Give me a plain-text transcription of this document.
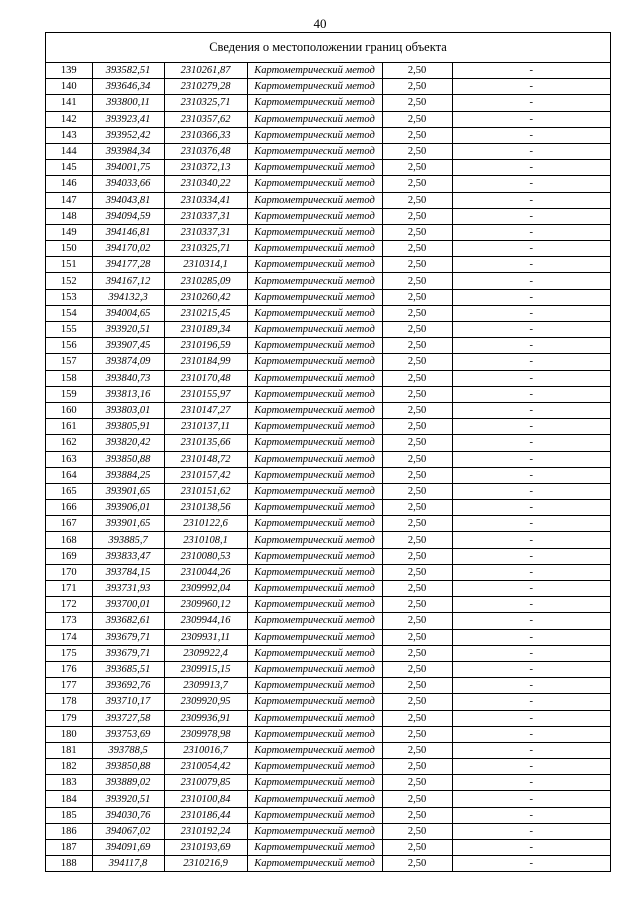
40
Сведения о местоположении границ объекта
139	393582,51	2310261,87	Картометрический метод	2,50	-
140	393646,34	2310279,28	Картометрический метод	2,50	-
141	393800,11	2310325,71	Картометрический метод	2,50	-
142	393923,41	2310357,62	Картометрический метод	2,50	-
143	393952,42	2310366,33	Картометрический метод	2,50	-
144	393984,34	2310376,48	Картометрический метод	2,50	-
145	394001,75	2310372,13	Картометрический метод	2,50	-
146	394033,66	2310340,22	Картометрический метод	2,50	-
147	394043,81	2310334,41	Картометрический метод	2,50	-
148	394094,59	2310337,31	Картометрический метод	2,50	-
149	394146,81	2310337,31	Картометрический метод	2,50	-
150	394170,02	2310325,71	Картометрический метод	2,50	-
151	394177,28	2310314,1	Картометрический метод	2,50	-
152	394167,12	2310285,09	Картометрический метод	2,50	-
153	394132,3	2310260,42	Картометрический метод	2,50	-
154	394004,65	2310215,45	Картометрический метод	2,50	-
155	393920,51	2310189,34	Картометрический метод	2,50	-
156	393907,45	2310196,59	Картометрический метод	2,50	-
157	393874,09	2310184,99	Картометрический метод	2,50	-
158	393840,73	2310170,48	Картометрический метод	2,50	-
159	393813,16	2310155,97	Картометрический метод	2,50	-
160	393803,01	2310147,27	Картометрический метод	2,50	-
161	393805,91	2310137,11	Картометрический метод	2,50	-
162	393820,42	2310135,66	Картометрический метод	2,50	-
163	393850,88	2310148,72	Картометрический метод	2,50	-
164	393884,25	2310157,42	Картометрический метод	2,50	-
165	393901,65	2310151,62	Картометрический метод	2,50	-
166	393906,01	2310138,56	Картометрический метод	2,50	-
167	393901,65	2310122,6	Картометрический метод	2,50	-
168	393885,7	2310108,1	Картометрический метод	2,50	-
169	393833,47	2310080,53	Картометрический метод	2,50	-
170	393784,15	2310044,26	Картометрический метод	2,50	-
171	393731,93	2309992,04	Картометрический метод	2,50	-
172	393700,01	2309960,12	Картометрический метод	2,50	-
173	393682,61	2309944,16	Картометрический метод	2,50	-
174	393679,71	2309931,11	Картометрический метод	2,50	-
175	393679,71	2309922,4	Картометрический метод	2,50	-
176	393685,51	2309915,15	Картометрический метод	2,50	-
177	393692,76	2309913,7	Картометрический метод	2,50	-
178	393710,17	2309920,95	Картометрический метод	2,50	-
179	393727,58	2309936,91	Картометрический метод	2,50	-
180	393753,69	2309978,98	Картометрический метод	2,50	-
181	393788,5	2310016,7	Картометрический метод	2,50	-
182	393850,88	2310054,42	Картометрический метод	2,50	-
183	393889,02	2310079,85	Картометрический метод	2,50	-
184	393920,51	2310100,84	Картометрический метод	2,50	-
185	394030,76	2310186,44	Картометрический метод	2,50	-
186	394067,02	2310192,24	Картометрический метод	2,50	-
187	394091,69	2310193,69	Картометрический метод	2,50	-
188	394117,8	2310216,9	Картометрический метод	2,50	-
